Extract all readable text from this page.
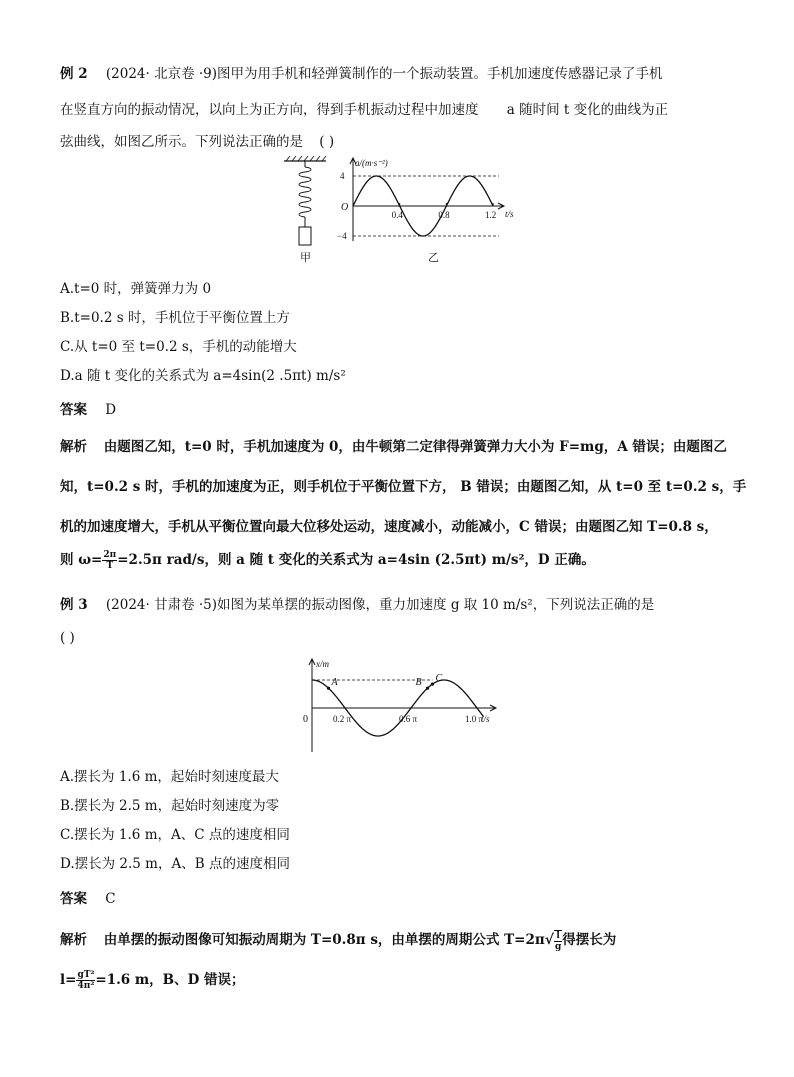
例 2 (2024· 北京卷 ·9)图甲为用手机和轻弹簧制作的一个振动装置。手机加速度传感器记录了手机
在竖直方向的振动情况，以向上为正方向，得到手机振动过程中加速度 a 随时间 t 变化的曲线为正
弦曲线，如图乙所示。下列说法正确的是 ( )
甲
a/(m·s⁻²)
t/s
O
0.4	0.8	1.2
4
−4
乙
A.t=0 时，弹簧弹力为 0
B.t=0.2 s 时，手机位于平衡位置上方
C.从 t=0 至 t=0.2 s，手机的动能增大
D.a 随 t 变化的关系式为 a=4sin(2 .5πt) m/s²
答案 D
解析 由题图乙知，t=0 时，手机加速度为 0，由牛顿第二定律得弹簧弹力大小为 F=mg，A 错误；由题图乙
知，t=0.2 s 时，手机的加速度为正，则手机位于平衡位置下方， B 错误；由题图乙知，从 t=0 至 t=0.2 s，手
机的加速度增大，手机从平衡位置向最大位移处运动，速度减小，动能减小，C 错误；由题图乙知 T=0.8 s，
则 $\omega= \frac{2\pi}{T} =2.5\pi$ rad/s，则 a 随 t 变化的关系式为 a=4sin (2.5πt) m/s²，D 正确。
例 3 (2024· 甘肃卷 ·5)如图为某单摆的振动图像，重力加速度 g 取 10 m/s²，下列说法正确的是
( )
x/m
t/s
0	0.2 π	0.6 π	1.0 π
A	B C
A.摆长为 1.6 m，起始时刻速度最大
B.摆长为 2.5 m，起始时刻速度为零
C.摆长为 1.6 m，A、C 点的速度相同
D.摆长为 2.5 m，A、B 点的速度相同
答案 C
解析 由单摆的振动图像可知振动周期为 T=0.8π s，由单摆的周期公式 $T=2\pi√ \frac{l}{g}$ 得摆长为
$l= \frac{\text{gT²}}{\text{4π²}} =1.6$ m，B、D 错误；
